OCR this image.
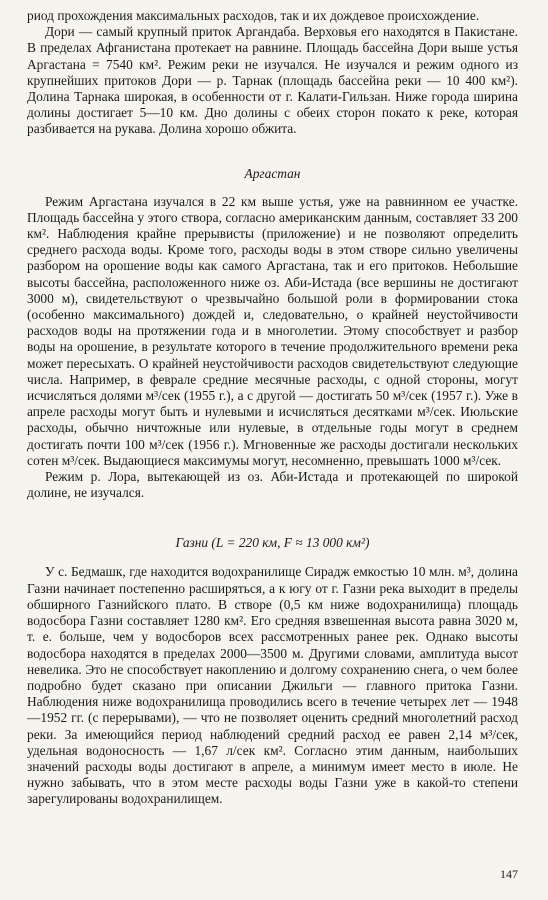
риод прохождения максимальных расходов, так и их дождевое происхождение.

Дори — самый крупный приток Аргандаба. Верховья его находятся в Пакистане. В пределах Афганистана протекает на равнине. Площадь бассейна Дори выше устья Аргастана = 7540 км². Режим реки не изучался. Не изучался и режим одного из крупнейших притоков Дори — р. Тарнак (площадь бассейна реки — 10 400 км²). Долина Тарнака широкая, в особенности от г. Калати-Гильзан. Ниже города ширина долины достигает 5—10 км. Дно долины с обеих сторон покато к реке, которая разбивается на рукава. Долина хорошо обжита.

Аргастан

Режим Аргастана изучался в 22 км выше устья, уже на равнинном ее участке. Площадь бассейна у этого створа, согласно американским данным, составляет 33 200 км². Наблюдения крайне прерывисты (приложение) и не позволяют определить среднего расхода воды. Кроме того, расходы воды в этом створе сильно увеличены разбором на орошение воды как самого Аргастана, так и его притоков. Небольшие высоты бассейна, расположенного ниже оз. Аби-Истада (все вершины не достигают 3000 м), свидетельствуют о чрезвычайно большой роли в формировании стока (особенно максимального) дождей и, следовательно, о крайней неустойчивости расходов воды на протяжении года и в многолетии. Этому способствует и разбор воды на орошение, в результате которого в течение продолжительного времени река может пересыхать. О крайней неустойчивости расходов свидетельствуют следующие числа. Например, в феврале средние месячные расходы, с одной стороны, могут исчисляться долями м³/сек (1955 г.), а с другой — достигать 50 м³/сек (1957 г.). Уже в апреле расходы могут быть и нулевыми и исчисляться десятками м³/сек. Июльские расходы, обычно ничтожные или нулевые, в отдельные годы могут в среднем достигать почти 100 м³/сек (1956 г.). Мгновенные же расходы достигали нескольких сотен м³/сек. Выдающиеся максимумы могут, несомненно, превышать 1000 м³/сек.

Режим р. Лора, вытекающей из оз. Аби-Истада и протекающей по широкой долине, не изучался.

Газни (L = 220 км, F ≈ 13 000 км²)

У с. Бедмашк, где находится водохранилище Сирадж емкостью 10 млн. м³, долина Газни начинает постепенно расширяться, а к югу от г. Газни река выходит в пределы обширного Газнийского плато. В створе (0,5 км ниже водохранилища) площадь водосбора Газни составляет 1280 км². Его средняя взвешенная высота равна 3020 м, т. е. больше, чем у водосборов всех рассмотренных ранее рек. Однако высоты водосбора находятся в пределах 2000—3500 м. Другими словами, амплитуда высот невелика. Это не способствует накоплению и долгому сохранению снега, о чем более подробно будет сказано при описании Джильги — главного притока Газни. Наблюдения ниже водохранилища проводились всего в течение четырех лет — 1948—1952 гг. (с перерывами), — что не позволяет оценить средний многолетний расход реки. За имеющийся период наблюдений средний расход ее равен 2,14 м³/сек, удельная водоносность — 1,67 л/сек км². Согласно этим данным, наибольших значений расходы воды достигают в апреле, а минимум имеет место в июле. Не нужно забывать, что в этом месте расходы воды Газни уже в какой-то степени зарегулированы водохранилищем.

147
